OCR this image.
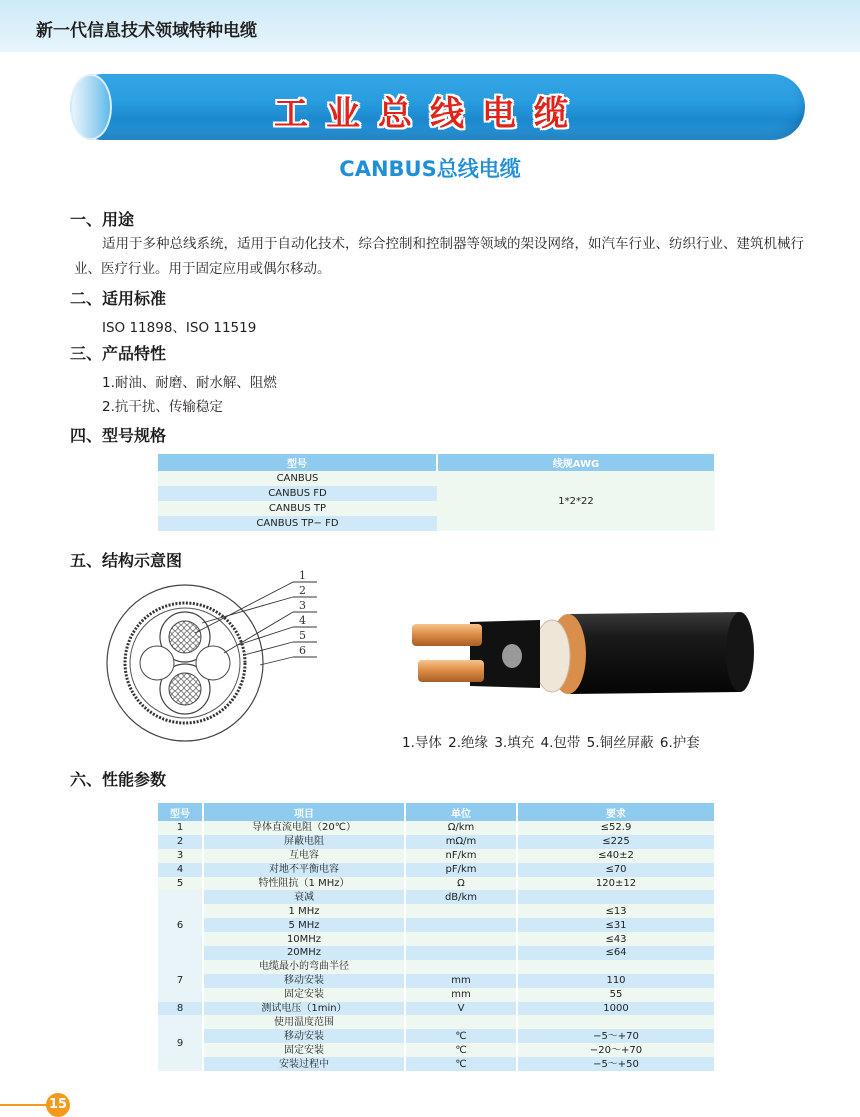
新一代信息技术领域特种电缆
工业总线电缆
CANBUS总线电缆
一、用途
适用于多种总线系统，适用于自动化技术，综合控制和控制器等领域的架设网络，如汽车行业、纺织行业、建筑机械行业、医疗行业。用于固定应用或偶尔移动。
二、适用标准
ISO 11898、ISO 11519
三、产品特性
1.耐油、耐磨、耐水解、阻燃
2.抗干扰、传输稳定
四、型号规格
型号	线规AWG
CANBUS	1*2*22
CANBUS FD	
CANBUS TP	
CANBUS TP− FD	
五、结构示意图
1
2
3
4
5
6
1.导体 2.绝缘 3.填充 4.包带 5.铜丝屏蔽 6.护套
六、性能参数
型号	项目	单位	要求
1	导体直流电阻（20℃）	Ω/km	≤52.9
2	屏蔽电阻	mΩ/m	≤225
3	互电容	nF/km	≤40±2
4	对地不平衡电容	pF/km	≤70
5	特性阻抗（1 MHz）	Ω	120±12
6	衰减	dB/km	
	1 MHz		≤13
	5 MHz		≤31
	10MHz		≤43
	20MHz		≤64
7	电缆最小的弯曲半径		
	移动安装	mm	110
	固定安装	mm	55
8	测试电压（1min）	V	1000
9	使用温度范围		
	移动安装	℃	−5～+70
	固定安装	℃	−20～+70
	安装过程中	℃	−5～+50
15
